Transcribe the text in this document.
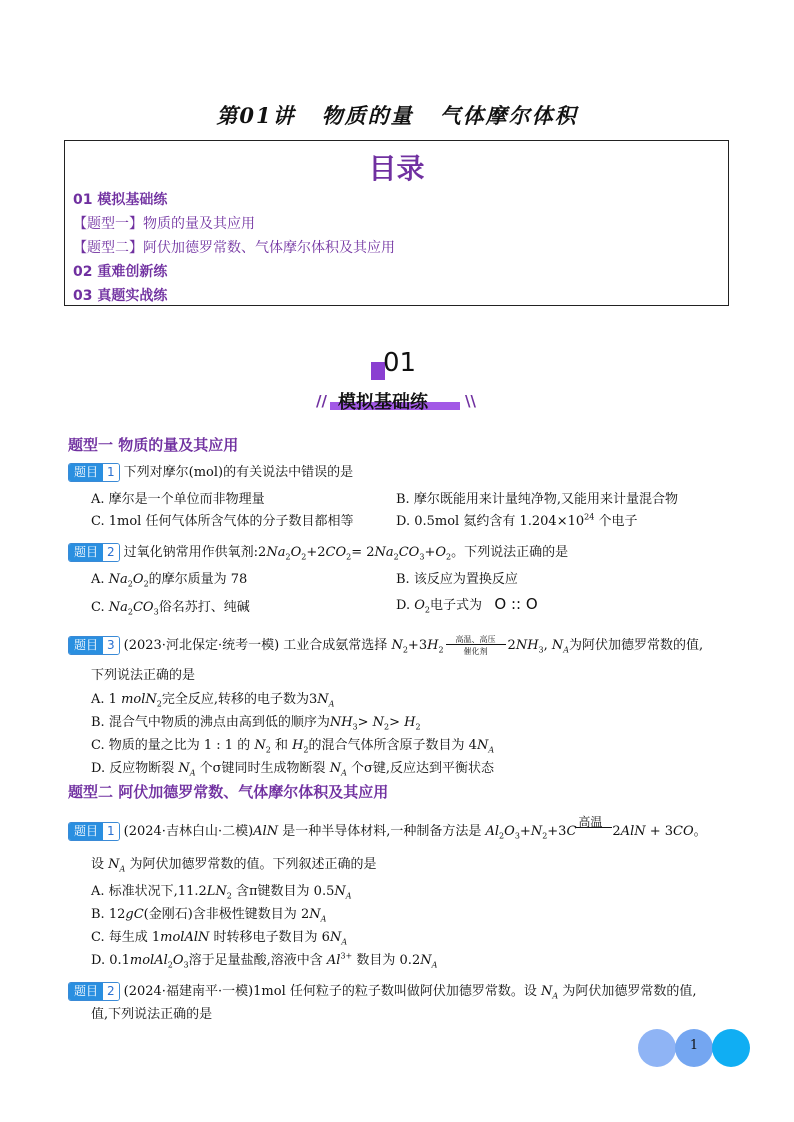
第01讲 物质的量 气体摩尔体积
目录
01 模拟基础练
【题型一】物质的量及其应用
【题型二】阿伏加德罗常数、气体摩尔体积及其应用
02 重难创新练
03 真题实战练
01
// 模拟基础练 \\
题型一 物质的量及其应用
题目 1 下列对摩尔(mol)的有关说法中错误的是
A. 摩尔是一个单位而非物理量	B. 摩尔既能用来计量纯净物,又能用来计量混合物
C. 1mol 任何气体所含气体的分子数目都相等	D. 0.5mol 氦约含有 $1.204\times 10^{24}$ 个电子
题目 2 过氧化钠常用作供氧剂$:2Na_2O_2+2CO_2= 2Na_2CO_3+O_2$。下列说法正确的是
A. $Na_2O_2$的摩尔质量为 78	B. 该反应为置换反应
C. $Na_2CO_3$俗名苏打、纯碱	D. $O_2$电子式为 O :: O
题目 3 (2023·河北保定·统考一模) 工业合成氨常选择 $N_2+3H_2$高温、高压
催化剂 $2NH_3$, $N_A$为阿伏加德罗常数的值,
下列说法正确的是
A. 1 molN$_2$完全反应,转移的电子数为$3N_A$
B. 混合气中物质的沸点由高到低的顺序为$NH_3> N_2> H_2$
C. 物质的量之比为 1 : 1 的 $N_2$ 和 $H_2$的混合气体所含原子数目为 $4N_A$
D. 反应物断裂 $N_A$ 个σ键同时生成物断裂 $N_A$ 个σ键,反应达到平衡状态
题型二 阿伏加德罗常数、气体摩尔体积及其应用
题目 1 (2024·吉林白山·二模)AlN 是一种半导体材料,一种制备方法是 $Al_2O_3+N_2+3C$
高温
2AlN + 3CO。
设 $N_A$ 为阿伏加德罗常数的值。下列叙述正确的是
A. 标准状况下$,11.2LN_2$ 含π键数目为 $0.5N_A$
B. 12gC(金刚石)含非极性键数目为 $2N_A$
C. 每生成 1molAlN 时转移电子数目为 $6N_A$
D. $0.1molAl_2O_3$溶于足量盐酸,溶液中含 $Al^{3+}$ 数目为 $0.2N_A$
题目 2 (2024·福建南平·一模)1mol 任何粒子的粒子数叫做阿伏加德罗常数。设 $N_A$ 为阿伏加德罗常数的值,
值,下列说法正确的是
1
